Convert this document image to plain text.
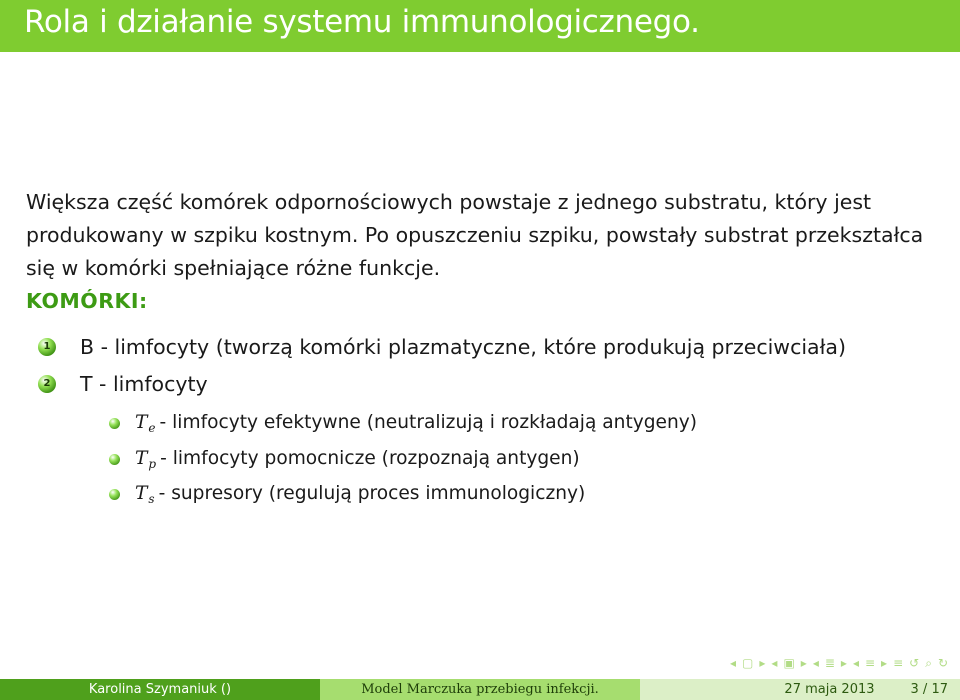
Rola i działanie systemu immunologicznego.

Większa część komórek odpornościowych powstaje z jednego substratu, który jest produkowany w szpiku kostnym. Po opuszczeniu szpiku, powstały substrat przekształca się w komórki spełniające różne funkcje.

KOMÓRKI:

1 B - limfocyty (tworzą komórki plazmatyczne, które produkują przeciwciała)
2 T - limfocyty
$T_e$ - limfocyty efektywne (neutralizują i rozkładają antygeny)
$T_p$ - limfocyty pomocnicze (rozpoznają antygen)
$T_s$ - supresory (regulują proces immunologiczny)
◂ ▢ ▸ ◂ ▣ ▸ ◂ ≣ ▸ ◂ ≡ ▸ ≡ ↺ ⌕ ↻
Karolina Szymaniuk ()	Model Marczuka przebiegu infekcji.	27 maja 2013	3 / 17
